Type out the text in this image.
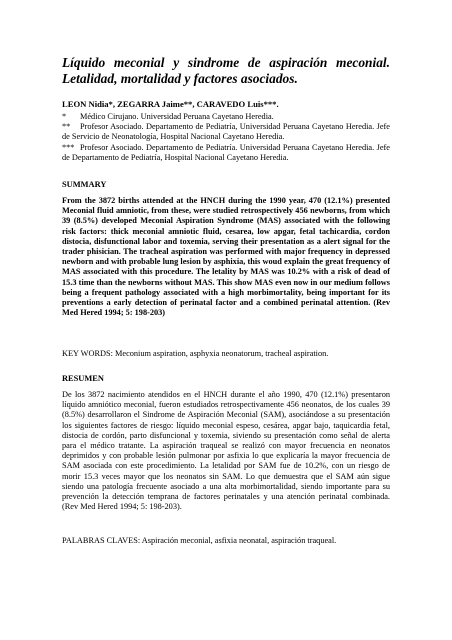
Líquido meconial y sindrome de aspiración meconial. Letalidad, mortalidad y factores asociados.

LEON Nidia*, ZEGARRA Jaime**, CARAVEDO Luis***.

* Médico Cirujano. Universidad Peruana Cayetano Heredia.
** Profesor Asociado. Departamento de Pediatría, Universidad Peruana Cayetano Heredia. Jefe de Servicio de Neonatología, Hospital Nacional Cayetano Heredia.
*** Profesor Asociado. Departamento de Pediatría. Universidad Peruana Cayetano Heredia. Jefe de Departamento de Pediatría, Hospital Nacional Cayetano Heredia.

SUMMARY

From the 3872 births attended at the HNCH during the 1990 year, 470 (12.1%) presented Meconial fluid amniotic, from these, were studied retrospectively 456 newborns, from which 39 (8.5%) developed Meconial Aspiration Syndrome (MAS) associated with the following risk factors: thick meconial amniotic fluid, cesarea, low apgar, fetal tachicardia, cordon distocia, disfunctional labor and toxemia, serving their presentation as a alert signal for the trader phisician. The tracheal aspiration was performed with major frequency in depressed newborn and with probable lung lesion by asphixia, this woud explain the great frequency of MAS associated with this procedure. The letality by MAS was 10.2% with a risk of dead of 15.3 time than the newborns without MAS. This show MAS even now in our medium follows being a frequent pathology associated with a high morbimortality, being important for its preventions a early detection of perinatal factor and a combined perinatal attention. (Rev Med Hered 1994; 5: 198-203)

KEY WORDS: Meconium aspiration, asphyxia neonatorum, tracheal aspiration.

RESUMEN

De los 3872 nacimiento atendidos en el HNCH durante el año 1990, 470 (12.1%) presentaron líquido amniótico meconial, fueron estudiados retrospectivamente 456 neonatos, de los cuales 39 (8.5%) desarrollaron el Sindrome de Aspiración Meconial (SAM), asociándose a su presentación los siguientes factores de riesgo: líquido meconial espeso, cesárea, apgar bajo, taquicardia fetal, distocia de cordón, parto disfuncional y toxemia, siviendo su presentación como señal de alerta para el médico tratante. La aspiración traqueal se realizó con mayor frecuencia en neonatos deprimidos y con probable lesión pulmonar por asfixia lo que explicaría la mayor frecuencia de SAM asociada con este procedimiento. La letalidad por SAM fue de 10.2%, con un riesgo de morir 15.3 veces mayor que los neonatos sin SAM. Lo que demuestra que el SAM aún sigue siendo una patología frecuente asociado a una alta morbimortalidad, siendo importante para su prevención la detección temprana de factores perinatales y una atención perinatal combinada. (Rev Med Hered 1994; 5: 198-203).

PALABRAS CLAVES: Aspiración meconial, asfixia neonatal, aspiración traqueal.
